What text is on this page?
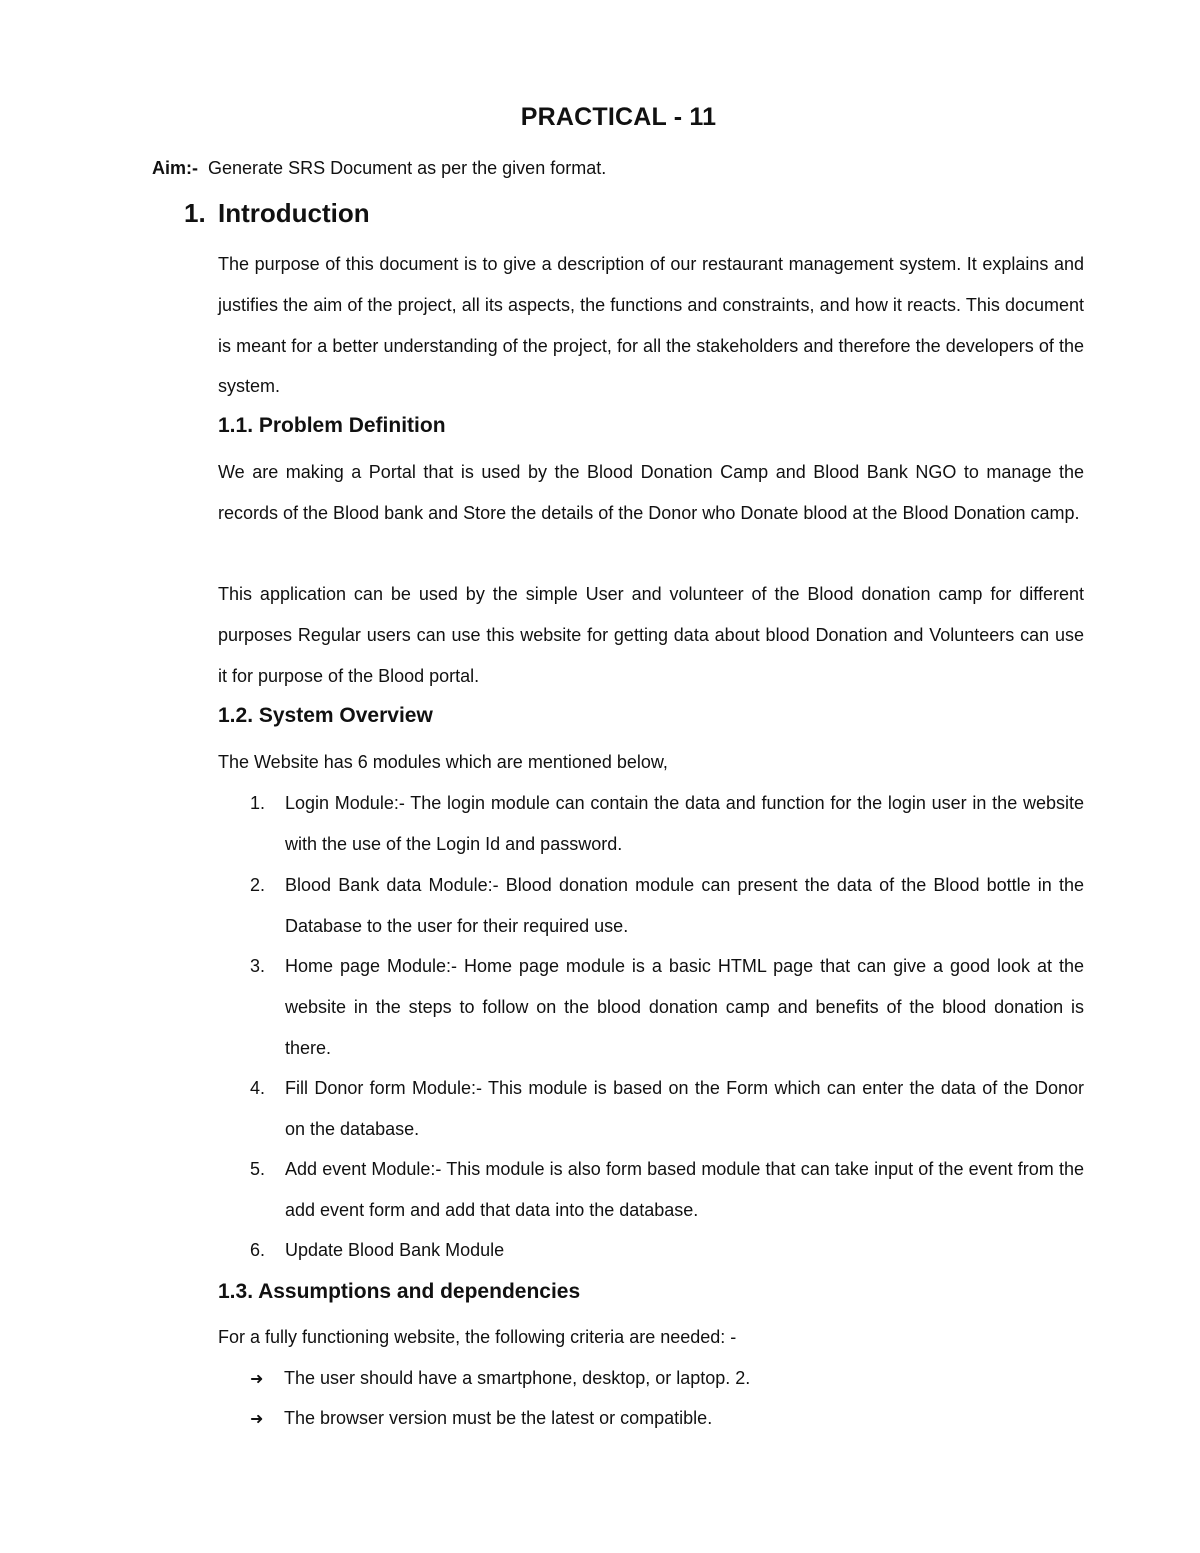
PRACTICAL - 11
Aim:- Generate SRS Document as per the given format.
1. Introduction

The purpose of this document is to give a description of our restaurant management system. It explains and justifies the aim of the project, all its aspects, the functions and constraints, and how it reacts. This document is meant for a better understanding of the project, for all the stakeholders and therefore the developers of the system.

1.1. Problem Definition

We are making a Portal that is used by the Blood Donation Camp and Blood Bank NGO to manage the records of the Blood bank and Store the details of the Donor who Donate blood at the Blood Donation camp.

This application can be used by the simple User and volunteer of the Blood donation camp for different purposes Regular users can use this website for getting data about blood Donation and Volunteers can use it for purpose of the Blood portal.

1.2. System Overview

The Website has 6 modules which are mentioned below,

1.	Login Module:- The login module can contain the data and function for the login user in the website with the use of the Login Id and password.
2.	Blood Bank data Module:- Blood donation module can present the data of the Blood bottle in the Database to the user for their required use.
3.	Home page Module:- Home page module is a basic HTML page that can give a good look at the website in the steps to follow on the blood donation camp and benefits of the blood donation is there.
4.	Fill Donor form Module:- This module is based on the Form which can enter the data of the Donor on the database.
5.	Add event Module:- This module is also form based module that can take input of the event from the add event form and add that data into the database.
6.	Update Blood Bank Module
1.3. Assumptions and dependencies

For a fully functioning website, the following criteria are needed: -

➜ The user should have a smartphone, desktop, or laptop. 2.
➜ The browser version must be the latest or compatible.
